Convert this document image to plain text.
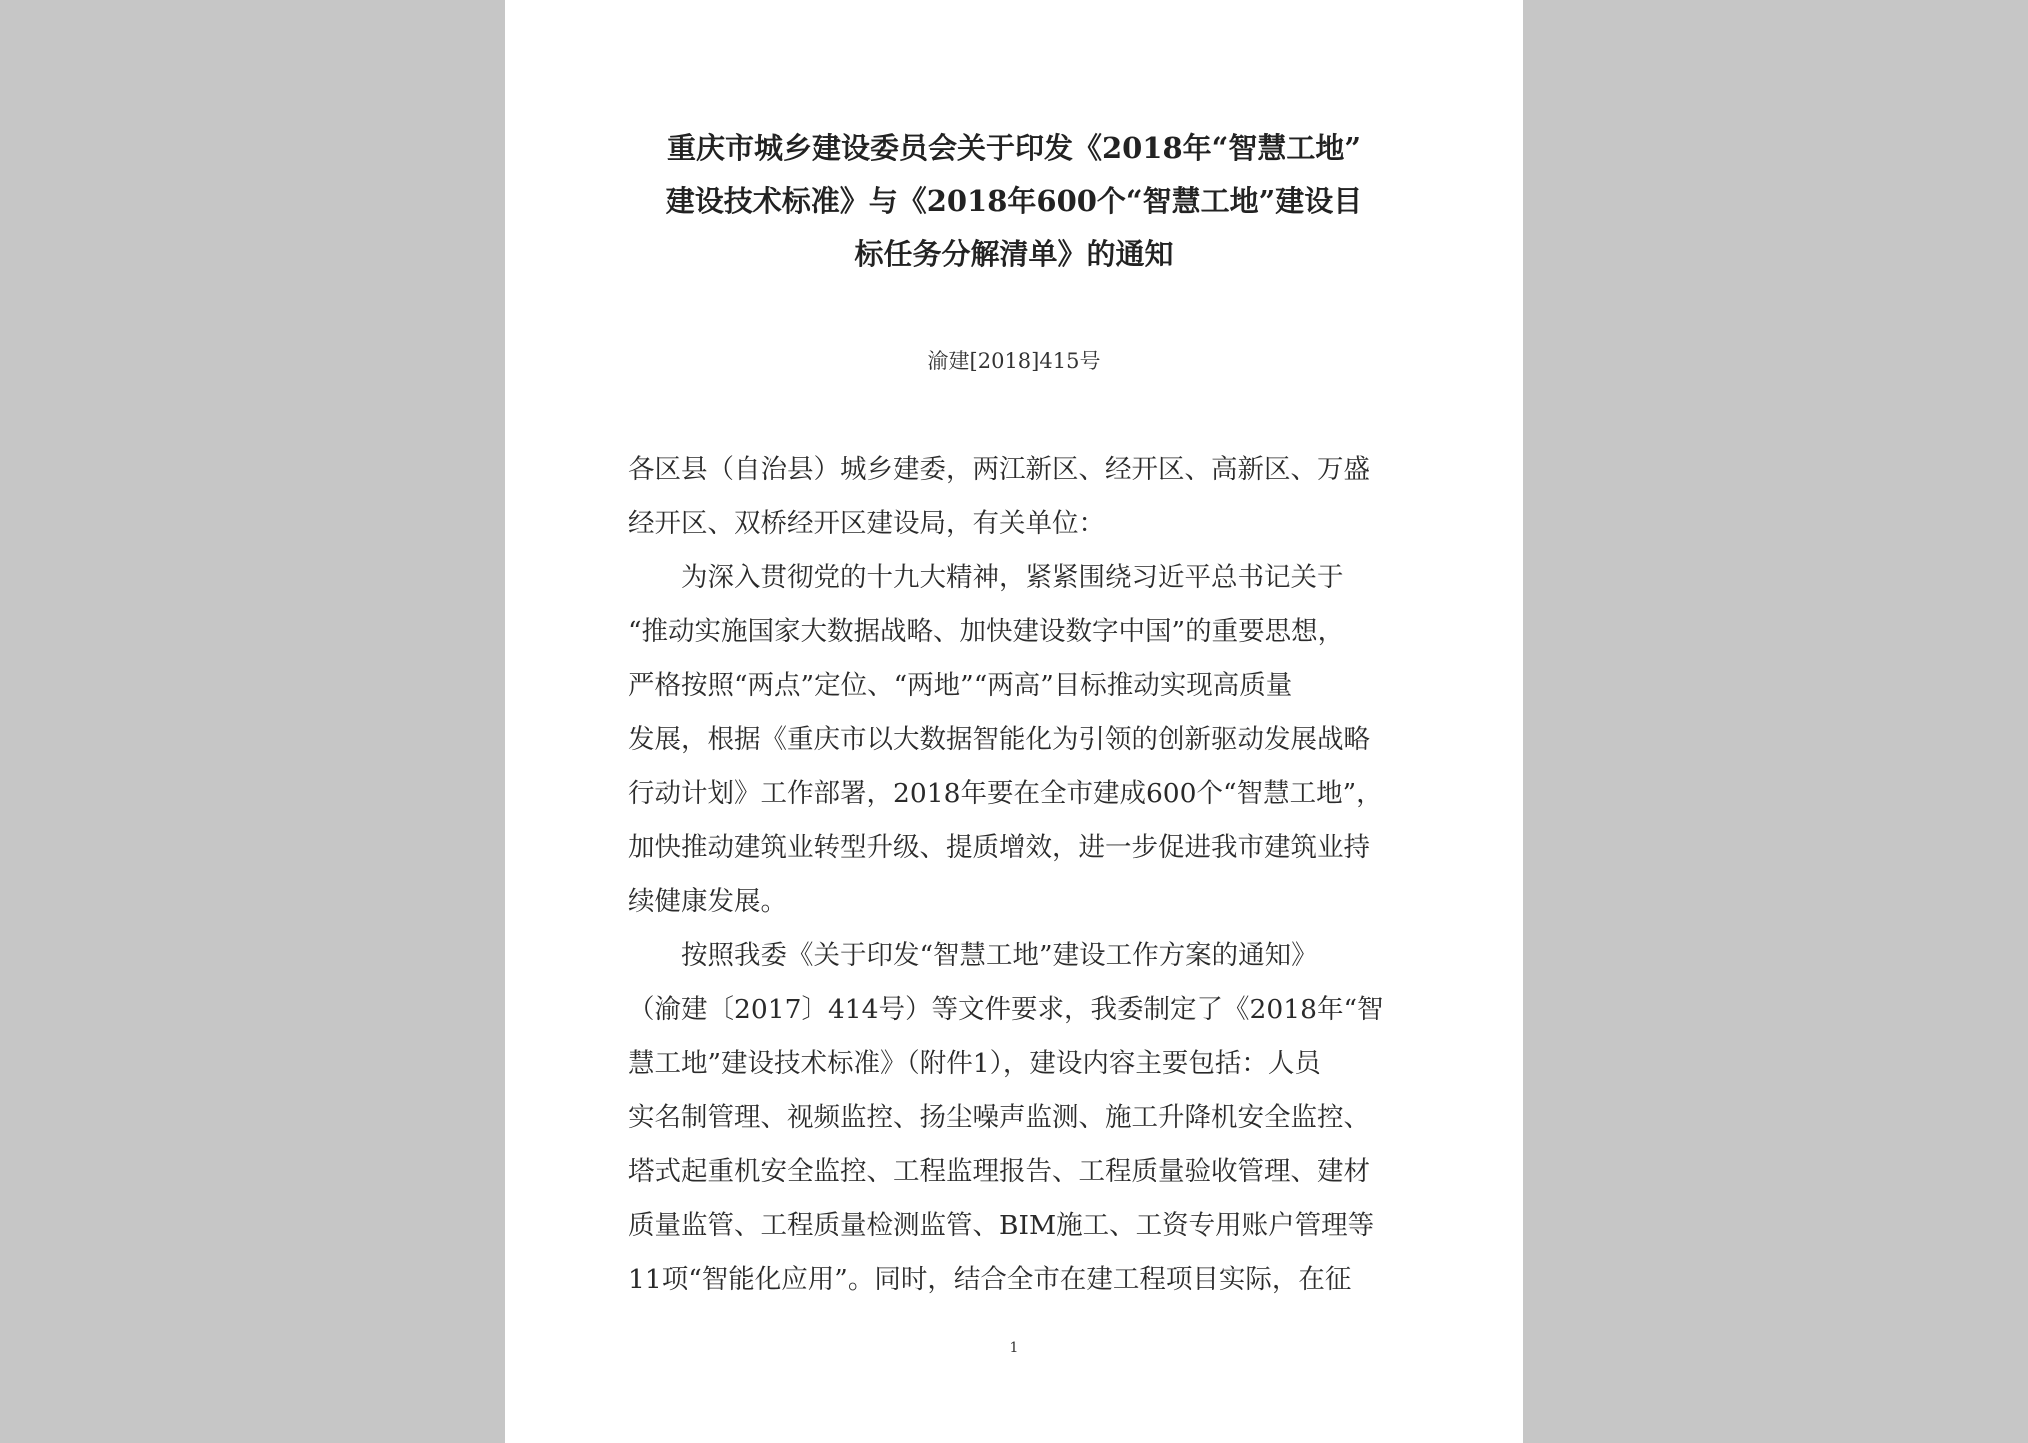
重庆市城乡建设委员会关于印发《2018年“智慧工地”
建设技术标准》与《2018年600个“智慧工地”建设目
标任务分解清单》的通知
渝建[2018]415号
各区县（自治县）城乡建委，两江新区、经开区、高新区、万盛
经开区、双桥经开区建设局，有关单位：
为深入贯彻党的十九大精神，紧紧围绕习近平总书记关于
“推动实施国家大数据战略、加快建设数字中国”的重要思想，
严格按照“两点”定位、“两地”“两高”目标推动实现高质量
发展，根据《重庆市以大数据智能化为引领的创新驱动发展战略
行动计划》工作部署，2018年要在全市建成600个“智慧工地”，
加快推动建筑业转型升级、提质增效，进一步促进我市建筑业持
续健康发展。
按照我委《关于印发“智慧工地”建设工作方案的通知》
（渝建〔2017〕414号）等文件要求，我委制定了《2018年“智
慧工地”建设技术标准》（附件1），建设内容主要包括：人员
实名制管理、视频监控、扬尘噪声监测、施工升降机安全监控、
塔式起重机安全监控、工程监理报告、工程质量验收管理、建材
质量监管、工程质量检测监管、BIM施工、工资专用账户管理等
11项“智能化应用”。同时，结合全市在建工程项目实际，在征
1
